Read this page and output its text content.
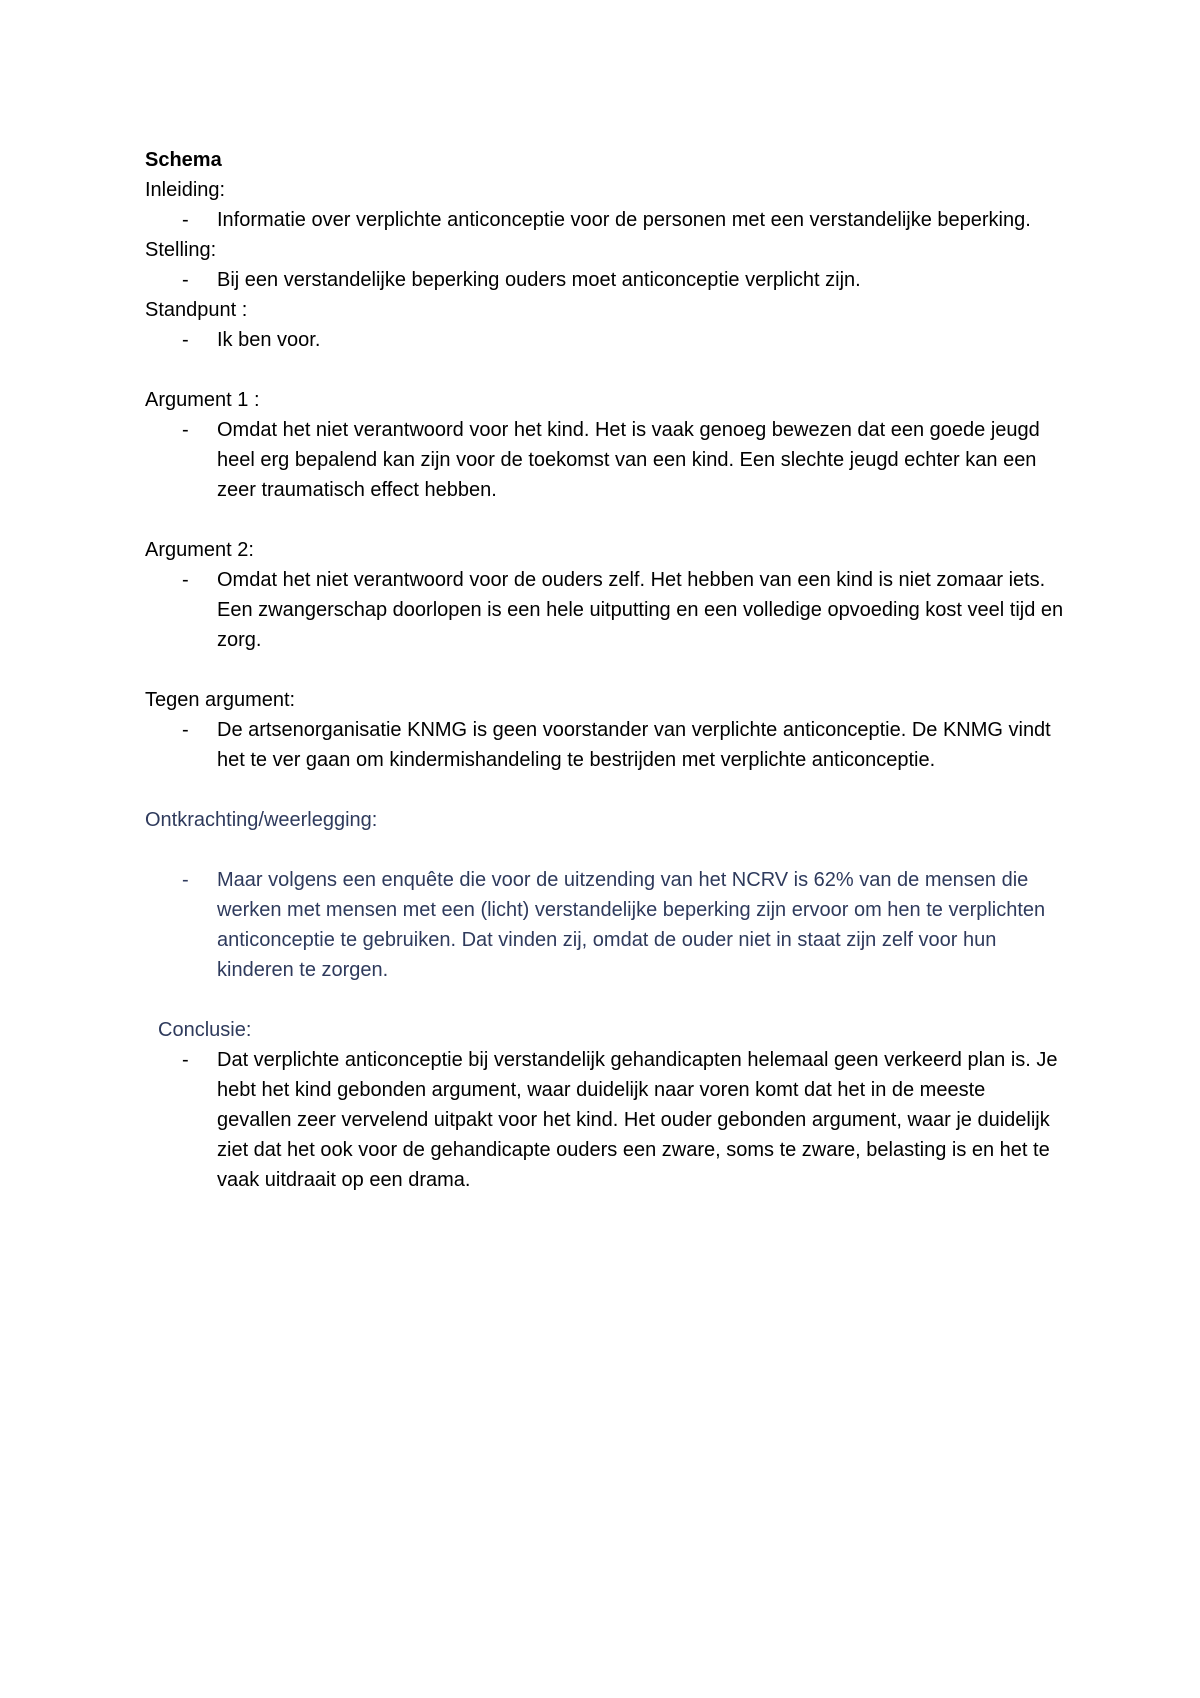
Schema

Inleiding:

- Informatie over verplichte anticonceptie voor de personen met een verstandelijke beperking.

Stelling:

- Bij een verstandelijke beperking ouders moet anticonceptie verplicht zijn.

Standpunt :

- Ik ben voor.

Argument 1 :

- Omdat het niet verantwoord voor het kind. Het is vaak genoeg bewezen dat een goede jeugd heel erg bepalend kan zijn voor de toekomst van een kind. Een slechte jeugd echter kan een zeer traumatisch effect hebben.

Argument 2:

- Omdat het niet verantwoord voor de ouders zelf. Het hebben van een kind is niet zomaar iets. Een zwangerschap doorlopen is een hele uitputting en een volledige opvoeding kost veel tijd en zorg.

Tegen argument:

- De artsenorganisatie KNMG is geen voorstander van verplichte anticonceptie. De KNMG vindt het te ver gaan om kindermishandeling te bestrijden met verplichte anticonceptie.

Ontkrachting/weerlegging:

- Maar volgens een enquête die voor de uitzending van het NCRV is 62% van de mensen die werken met mensen met een (licht) verstandelijke beperking zijn ervoor om hen te verplichten anticonceptie te gebruiken. Dat vinden zij, omdat de ouder niet in staat zijn zelf voor hun kinderen te zorgen.

Conclusie:

- Dat verplichte anticonceptie bij verstandelijk gehandicapten helemaal geen verkeerd plan is. Je hebt het kind gebonden argument, waar duidelijk naar voren komt dat het in de meeste gevallen zeer vervelend uitpakt voor het kind. Het ouder gebonden argument, waar je duidelijk ziet dat het ook voor de gehandicapte ouders een zware, soms te zware, belasting is en het te vaak uitdraait op een drama.
